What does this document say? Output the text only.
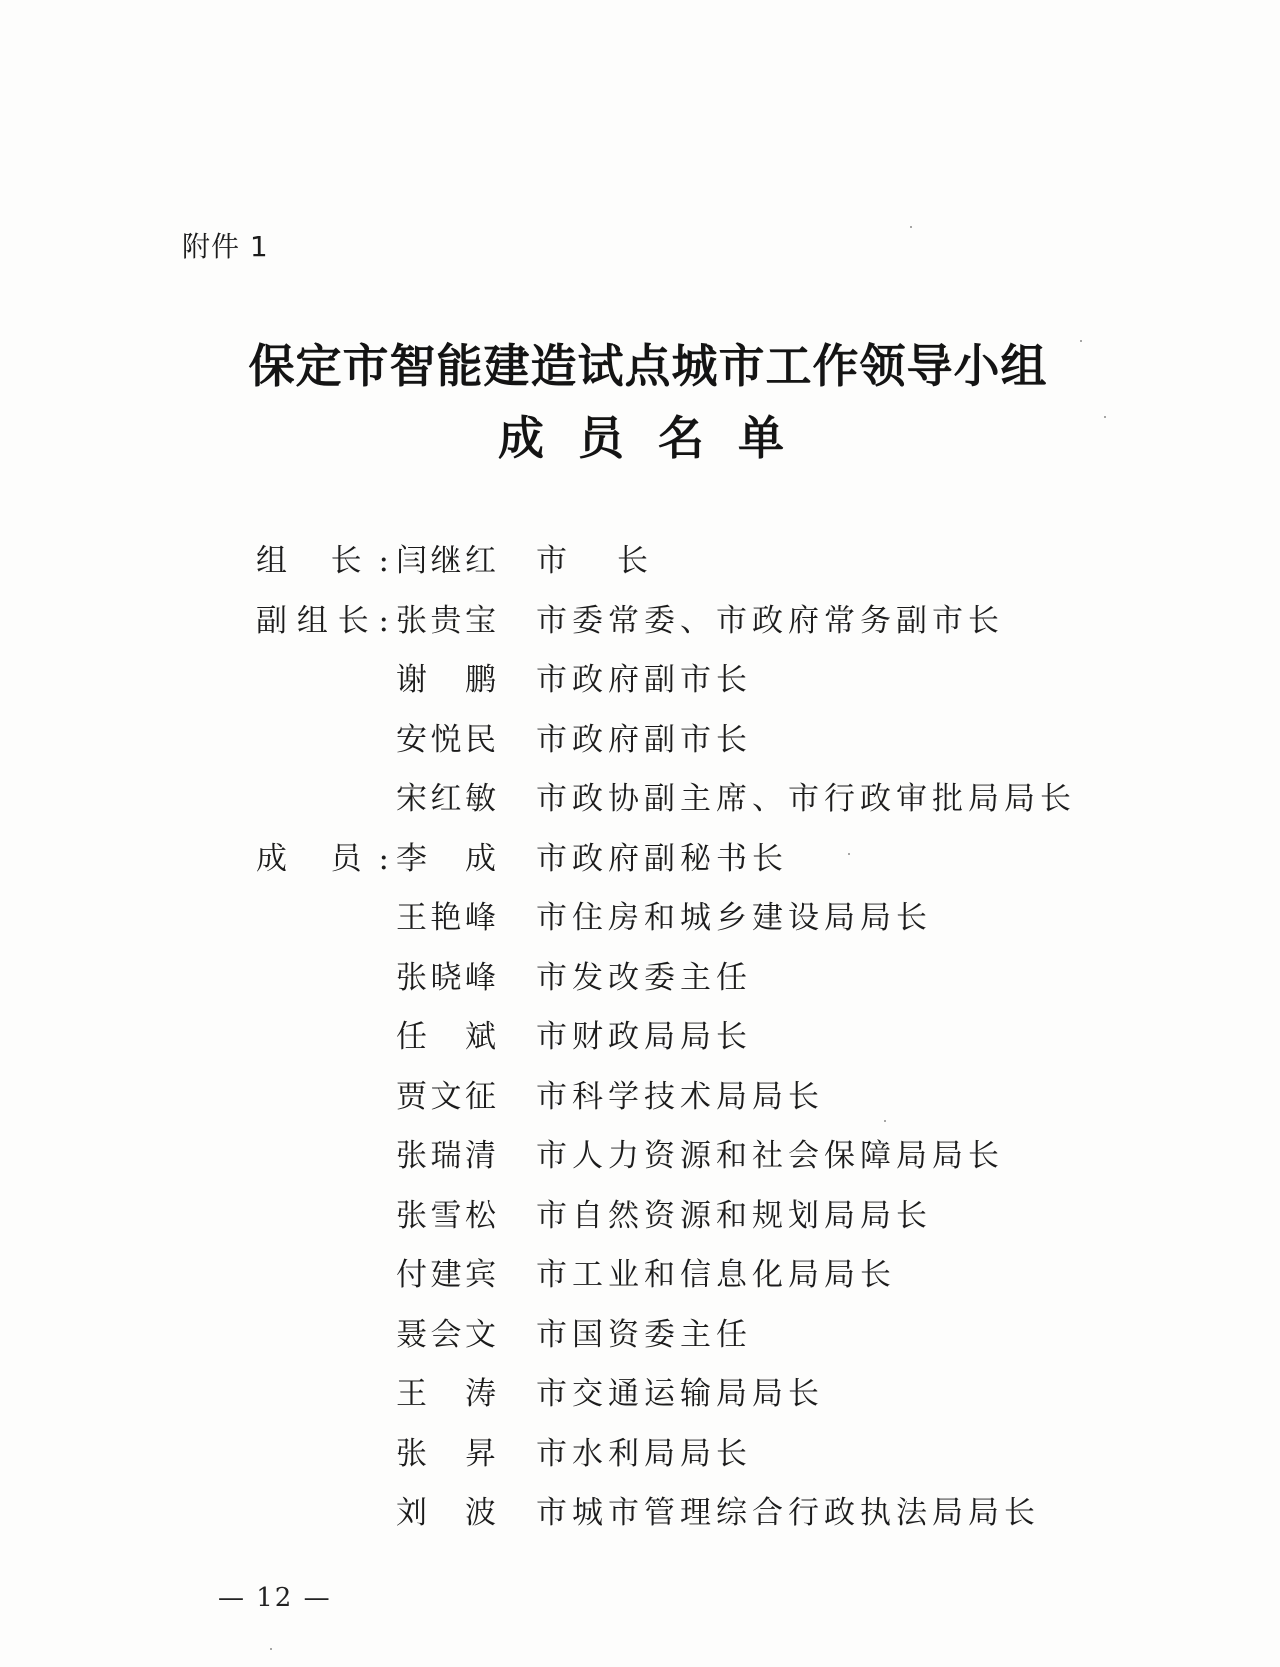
附件 1
保定市智能建造试点城市工作领导小组
成员名单
组 长: 闫继红 市长
副组长: 张贵宝 市委常委、市政府常务副市长
谢 鹏 市政府副市长
安悦民 市政府副市长
宋红敏 市政协副主席、市行政审批局局长
成 员: 李 成 市政府副秘书长
王艳峰 市住房和城乡建设局局长
张晓峰 市发改委主任
任 斌 市财政局局长
贾文征 市科学技术局局长
张瑞清 市人力资源和社会保障局局长
张雪松 市自然资源和规划局局长
付建宾 市工业和信息化局局长
聂会文 市国资委主任
王 涛 市交通运输局局长
张 昇 市水利局局长
刘 波 市城市管理综合行政执法局局长
— 12 —
